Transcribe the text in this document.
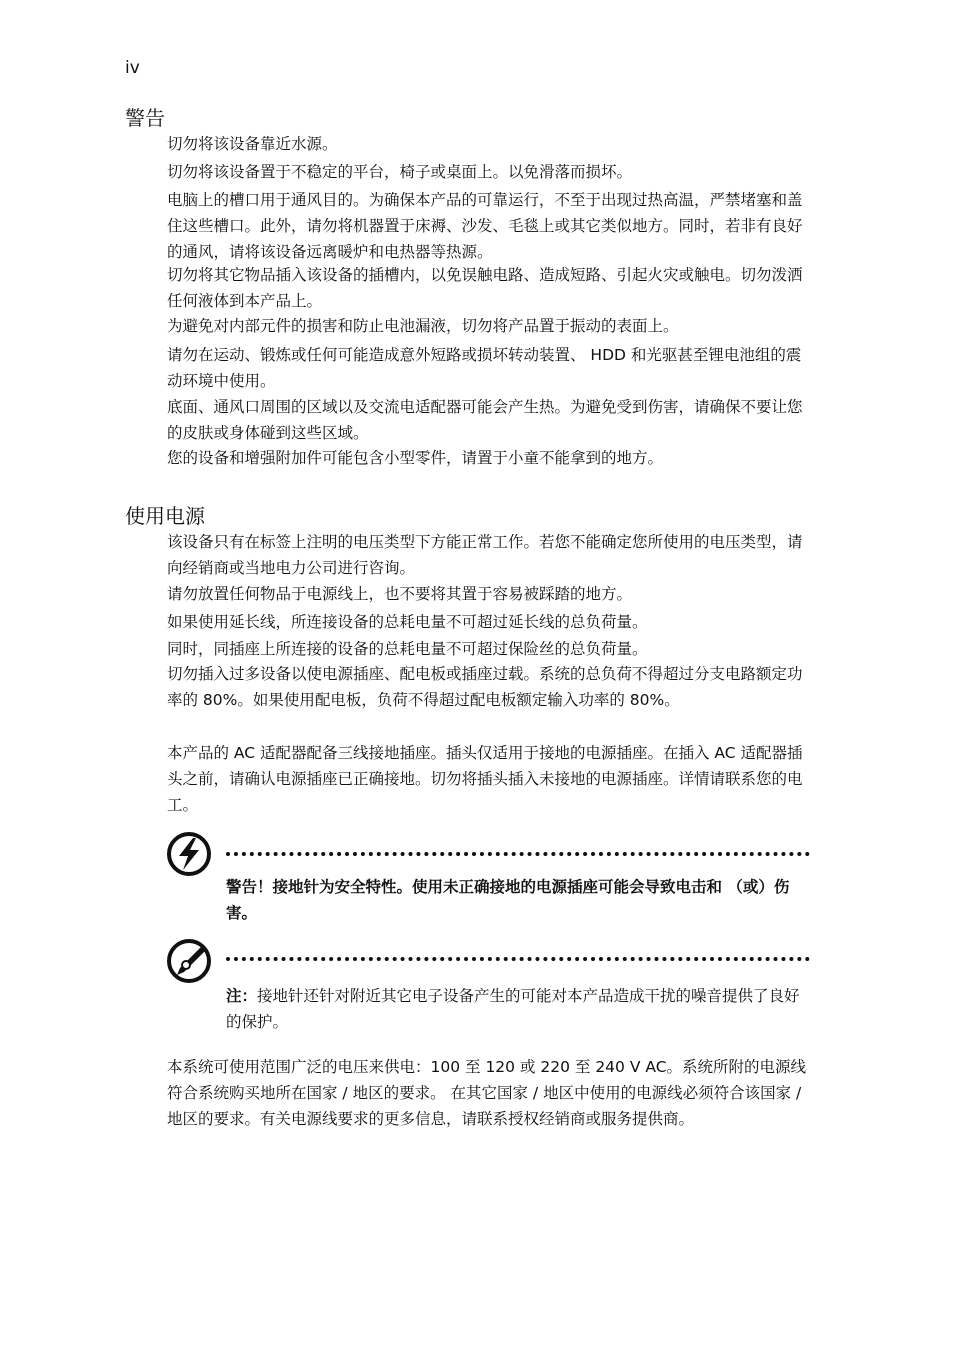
iv
警告

切勿将该设备靠近水源。

切勿将该设备置于不稳定的平台，椅子或桌面上。以免滑落而损坏。

电脑上的槽口用于通风目的。为确保本产品的可靠运行，不至于出现过热高温，严禁堵塞和盖住这些槽口。此外，请勿将机器置于床褥、沙发、毛毯上或其它类似地方。同时，若非有良好的通风，请将该设备远离暖炉和电热器等热源。

切勿将其它物品插入该设备的插槽内，以免误触电路、造成短路、引起火灾或触电。切勿泼洒任何液体到本产品上。

为避免对内部元件的损害和防止电池漏液，切勿将产品置于振动的表面上。

请勿在运动、锻炼或任何可能造成意外短路或损坏转动装置、 HDD 和光驱甚至锂电池组的震动环境中使用。

底面、通风口周围的区域以及交流电适配器可能会产生热。为避免受到伤害，请确保不要让您的皮肤或身体碰到这些区域。

您的设备和增强附加件可能包含小型零件，请置于小童不能拿到的地方。

使用电源

该设备只有在标签上注明的电压类型下方能正常工作。若您不能确定您所使用的电压类型，请向经销商或当地电力公司进行咨询。

请勿放置任何物品于电源线上，也不要将其置于容易被踩踏的地方。

如果使用延长线，所连接设备的总耗电量不可超过延长线的总负荷量。

同时，同插座上所连接的设备的总耗电量不可超过保险丝的总负荷量。

切勿插入过多设备以使电源插座、配电板或插座过载。系统的总负荷不得超过分支电路额定功率的 80%。如果使用配电板，负荷不得超过配电板额定输入功率的 80%。

本产品的 AC 适配器配备三线接地插座。插头仅适用于接地的电源插座。在插入 AC 适配器插头之前，请确认电源插座已正确接地。切勿将插头插入未接地的电源插座。详情请联系您的电工。

警告！接地针为安全特性。使用未正确接地的电源插座可能会导致电击和 （或）伤害。

注：接地针还针对附近其它电子设备产生的可能对本产品造成干扰的噪音提供了良好的保护。

本系统可使用范围广泛的电压来供电：100 至 120 或 220 至 240 V AC。系统所附的电源线符合系统购买地所在国家 / 地区的要求。 在其它国家 / 地区中使用的电源线必须符合该国家 / 地区的要求。有关电源线要求的更多信息，请联系授权经销商或服务提供商。
